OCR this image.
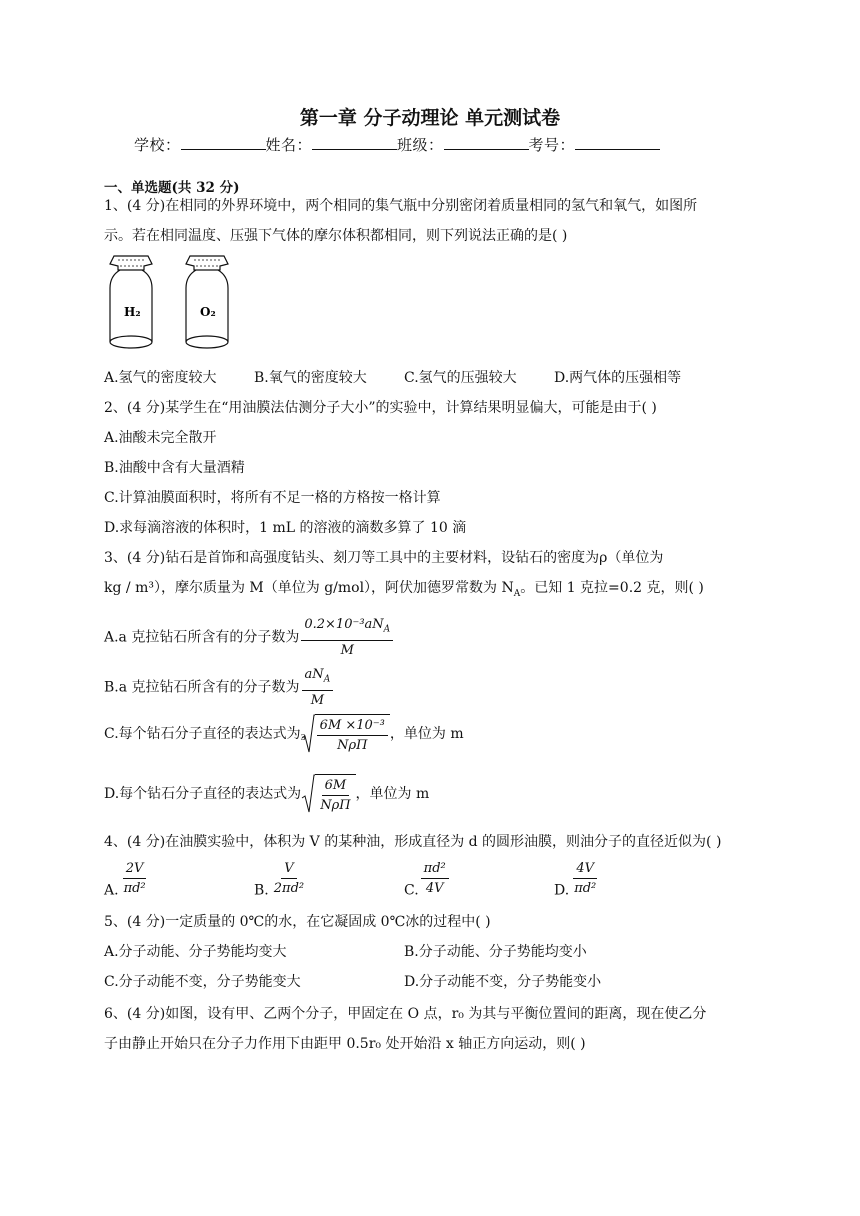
第一章 分子动理论 单元测试卷
学校：	姓名：	班级：	考号：
一、单选题(共 32 分)
1、(4 分)在相同的外界环境中，两个相同的集气瓶中分别密闭着质量相同的氢气和氧气，如图所
示。若在相同温度、压强下气体的摩尔体积都相同，则下列说法正确的是( )
H₂	O₂
A.氢气的密度较大	B.氧气的密度较大	C.氢气的压强较大	D.两气体的压强相等
2、(4 分)某学生在“用油膜法估测分子大小”的实验中，计算结果明显偏大，可能是由于( )
A.油酸未完全散开
B.油酸中含有大量酒精
C.计算油膜面积时，将所有不足一格的方格按一格计算
D.求每滴溶液的体积时，1 mL 的溶液的滴数多算了 10 滴
3、(4 分)钻石是首饰和高强度钻头、刻刀等工具中的主要材料，设钻石的密度为ρ（单位为
kg / m³），摩尔质量为 M（单位为 g/mol），阿伏加德罗常数为 $N_A$。已知 1 克拉=0.2 克，则( )
A.a 克拉钻石所含有的分子数为 $\frac{0.2\times 10^{-3}aN_A}{M}$
B.a 克拉钻石所含有的分子数为 $\frac{aN_A}{M}$
C.每个钻石分子直径的表达式为 $3 \frac{\text{6M ×10⁻³}}{\text{NρΠ}}$ ，单位为 m
D.每个钻石分子直径的表达式为 $\frac{6M}{\text{NρΠ}}$ ，单位为 m
4、(4 分)在油膜实验中，体积为 V 的某种油，形成直径为 d 的圆形油膜，则油分子的直径近似为( )
A. $\frac{2V}{\text{πd²}}$	B. $\frac{V}{\text{2πd²}}$	C. $\frac{\text{πd²}}{4V}$	D. $\frac{4V}{\text{πd²}}$
5、(4 分)一定质量的 0℃的水，在它凝固成 0℃冰的过程中( )
A.分子动能、分子势能均变大	B.分子动能、分子势能均变小
C.分子动能不变，分子势能变大	D.分子动能不变，分子势能变小
6、(4 分)如图，设有甲、乙两个分子，甲固定在 O 点，r₀ 为其与平衡位置间的距离，现在使乙分
子由静止开始只在分子力作用下由距甲 0.5r₀ 处开始沿 x 轴正方向运动，则( )
